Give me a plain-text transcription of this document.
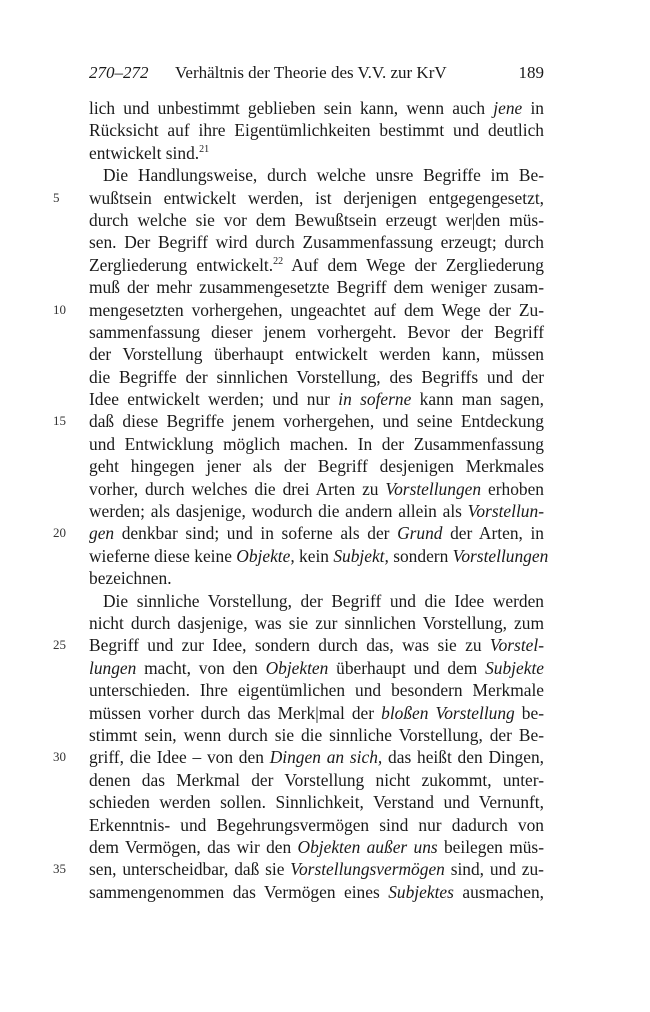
270–272 Verhältnis der Theorie des V.V. zur KrV	189
lich und unbestimmt geblieben sein kann, wenn auch jene in
Rücksicht auf ihre Eigentümlichkeiten bestimmt und deutlich
entwickelt sind.$^{21}$
Die Handlungsweise, durch welche unsre Begriffe im Be-
5	wußtsein entwickelt werden, ist derjenigen entgegengesetzt,
durch welche sie vor dem Bewußtsein erzeugt wer|den müs-
sen. Der Begriff wird durch Zusammenfassung erzeugt; durch
Zergliederung entwickelt.$^{22}$ Auf dem Wege der Zergliederung
muß der mehr zusammengesetzte Begriff dem weniger zusam-
10	mengesetzten vorhergehen, ungeachtet auf dem Wege der Zu-
sammenfassung dieser jenem vorhergeht. Bevor der Begriff
der Vorstellung überhaupt entwickelt werden kann, müssen
die Begriffe der sinnlichen Vorstellung, des Begriffs und der
Idee entwickelt werden; und nur in soferne kann man sagen,
15	daß diese Begriffe jenem vorhergehen, und seine Entdeckung
und Entwicklung möglich machen. In der Zusammenfassung
geht hingegen jener als der Begriff desjenigen Merkmales
vorher, durch welches die drei Arten zu Vorstellungen erhoben
werden; als dasjenige, wodurch die andern allein als Vorstellun-
20	gen denkbar sind; und in soferne als der Grund der Arten, in
wieferne diese keine Objekte, kein Subjekt, sondern Vorstellungen
bezeichnen.
Die sinnliche Vorstellung, der Begriff und die Idee werden
nicht durch dasjenige, was sie zur sinnlichen Vorstellung, zum
25	Begriff und zur Idee, sondern durch das, was sie zu Vorstel-
lungen macht, von den Objekten überhaupt und dem Subjekte
unterschieden. Ihre eigentümlichen und besondern Merkmale
müssen vorher durch das Merk|mal der bloßen Vorstellung be-
stimmt sein, wenn durch sie die sinnliche Vorstellung, der Be-
30	griff, die Idee – von den Dingen an sich, das heißt den Dingen,
denen das Merkmal der Vorstellung nicht zukommt, unter-
schieden werden sollen. Sinnlichkeit, Verstand und Vernunft,
Erkenntnis- und Begehrungsvermögen sind nur dadurch von
dem Vermögen, das wir den Objekten außer uns beilegen müs-
35	sen, unterscheidbar, daß sie Vorstellungsvermögen sind, und zu-
sammengenommen das Vermögen eines Subjektes ausmachen,
